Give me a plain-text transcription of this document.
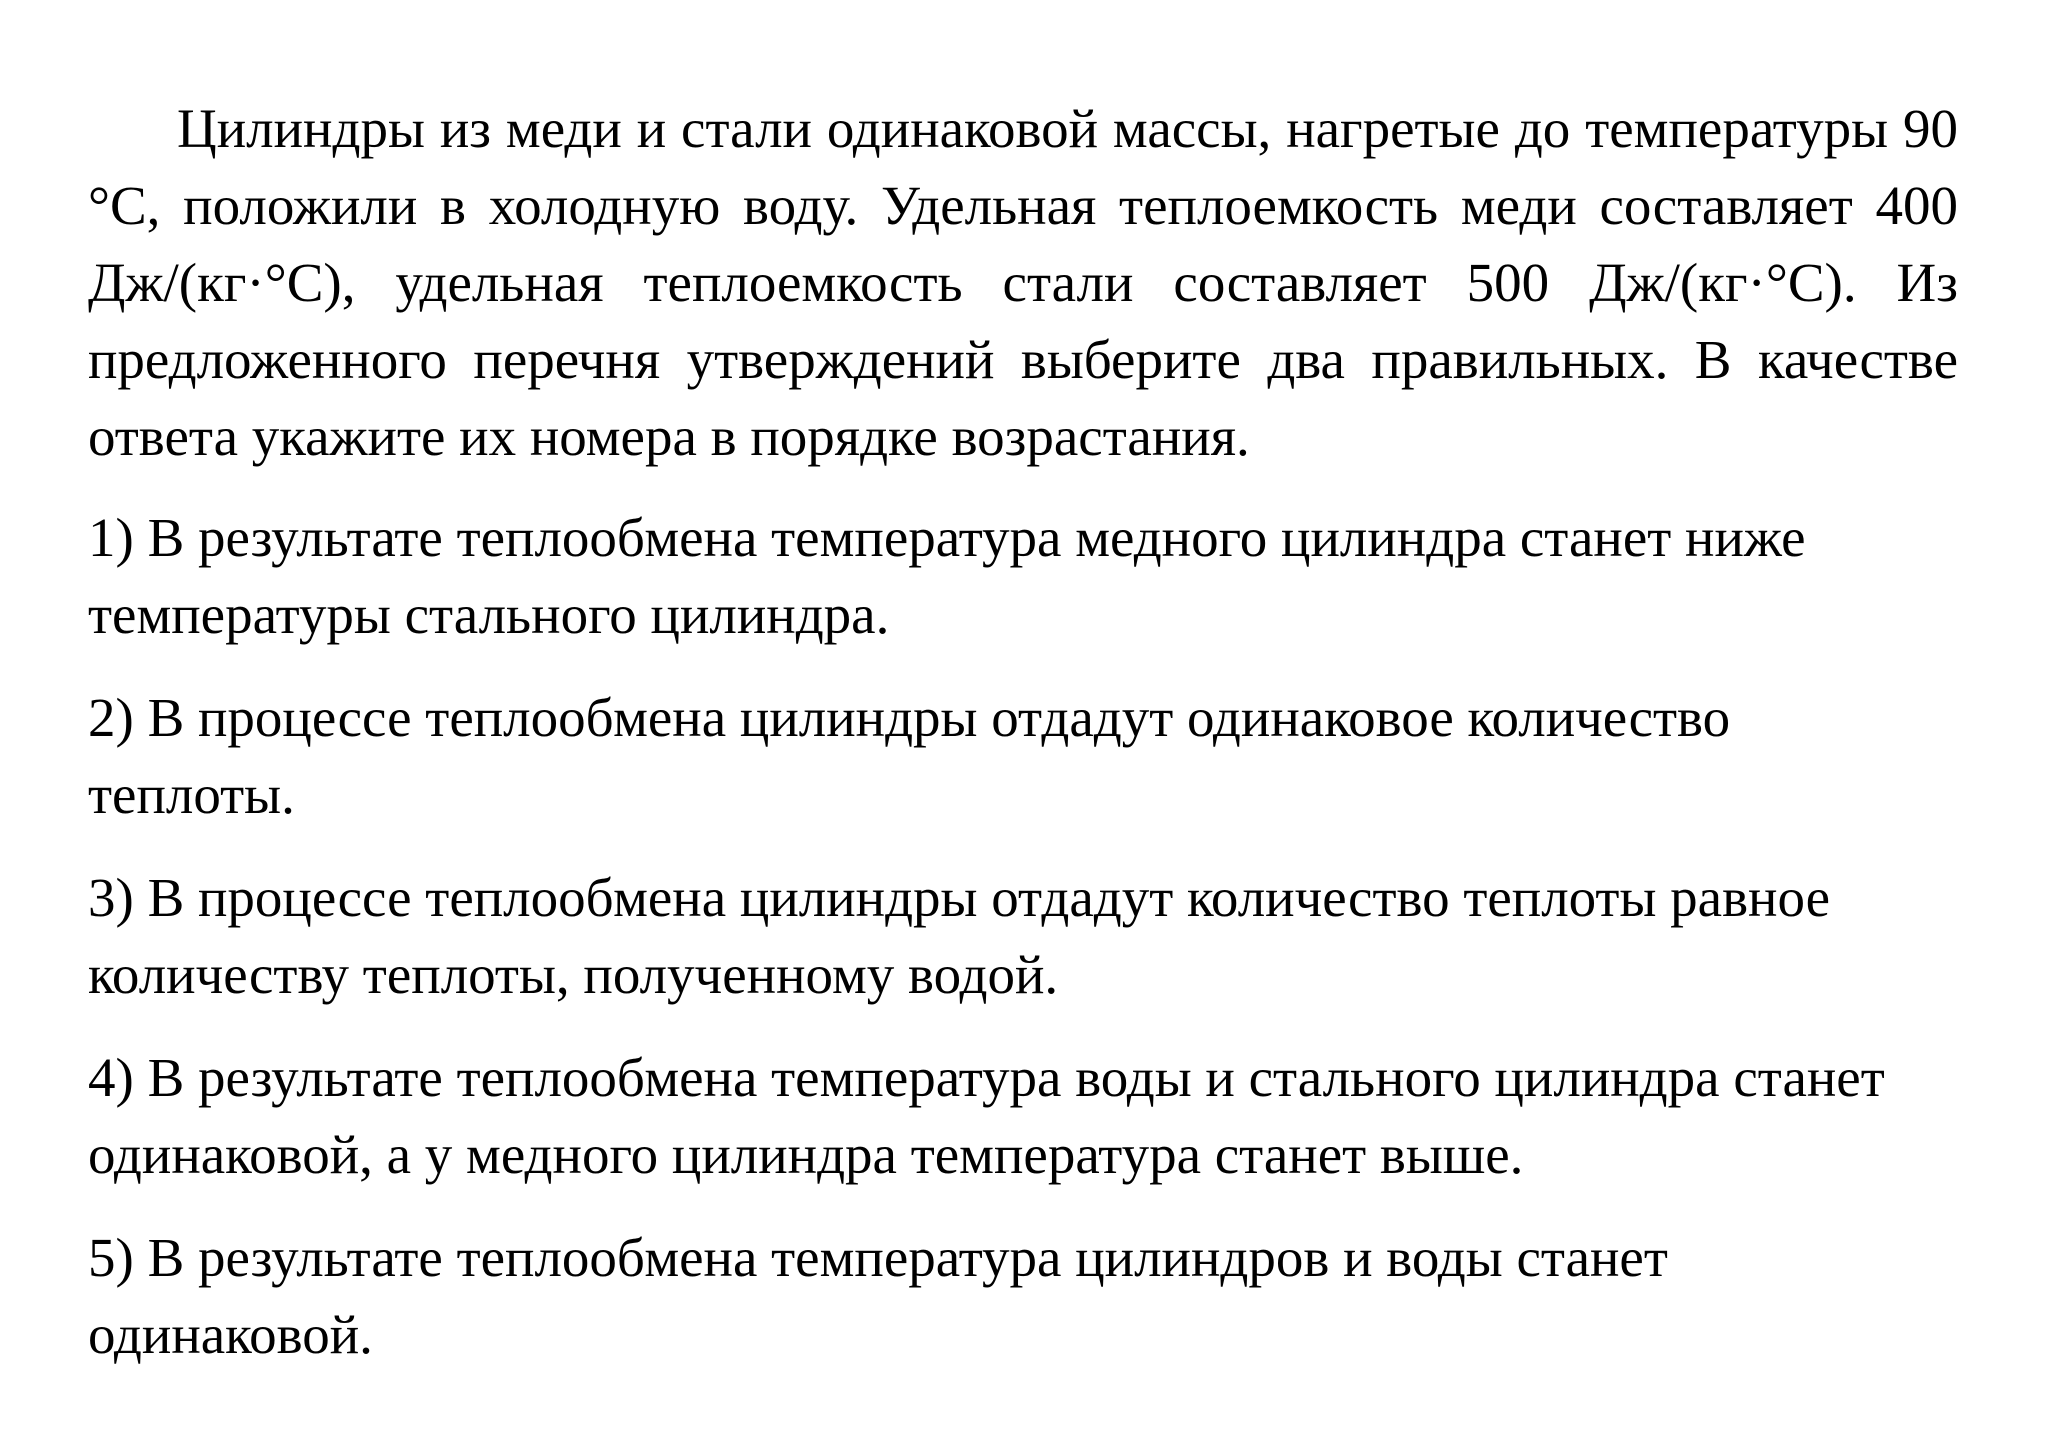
Цилиндры из меди и стали одинаковой массы, нагретые до температуры 90 °С, положили в холодную воду. Удельная теплоемкость меди составляет 400 Дж/(кг·°С), удельная теплоемкость стали составляет 500 Дж/(кг·°С). Из предложенного перечня утверждений выберите два правильных. В качестве ответа укажите их номера в порядке возрастания.

1) В результате теплообмена температура медного цилиндра станет ниже температуры стального цилиндра.
2) В процессе теплообмена цилиндры отдадут одинаковое количество теплоты.
3) В процессе теплообмена цилиндры отдадут количество теплоты равное количеству теплоты, полученному водой.
4) В результате теплообмена температура воды и стального цилиндра станет одинаковой, а у медного цилиндра температура станет выше.
5) В результате теплообмена температура цилиндров и воды станет одинаковой.
